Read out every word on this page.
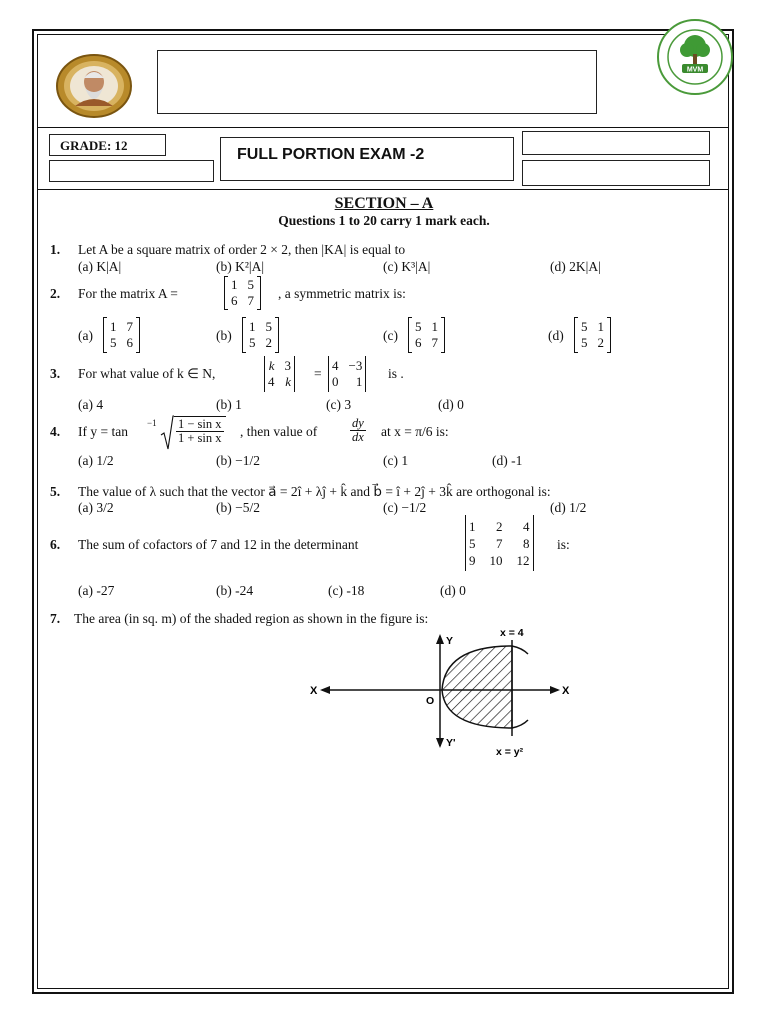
MVM
GRADE: 12
FULL PORTION EXAM -2
SECTION – A
Questions 1 to 20 carry 1 mark each.
1. Let A be a square matrix of order 2 × 2, then |KA| is equal to
(a) K|A|	(b) K²|A|	(c) K³|A|	(d) 2K|A|
2. For the matrix A =
1 5
6 7 , a symmetric matrix is:
(a)
1 7
5 6	(b)
1 5
5 2	(c)
5 1
6 7	(d)
5 1
5 2
3. For what value of k ∈ N,
k 3
4 k
=
4 −3
0	1
is .
(a) 4	(b) 1	(c) 3	(d) 0
4. If y = tan
$-1 \frac{\text{1 − sin x}}{\text{1 + sin x}}$ , then value of	$\frac{dy}{dx}$ at x = π/6 is:
(a) 1/2	(b) −1/2	(c) 1	(d) -1
5. The value of λ such that the vector a⃗ = 2î + λĵ + k̂ and b⃗ = î + 2ĵ + 3k̂ are orthogonal is:
(a) 3/2	(b) −5/2	(c) −1/2	(d) 1/2
6. The sum of cofactors of 7 and 12 in the determinant
1	2	4
5	7	8
9 10 12
is:
(a) -27	(b) -24	(c) -18	(d) 0
7. The area (in sq. m) of the shaded region as shown in the figure is:
x = 4
x = y²
Y
Y'
X	X
O
